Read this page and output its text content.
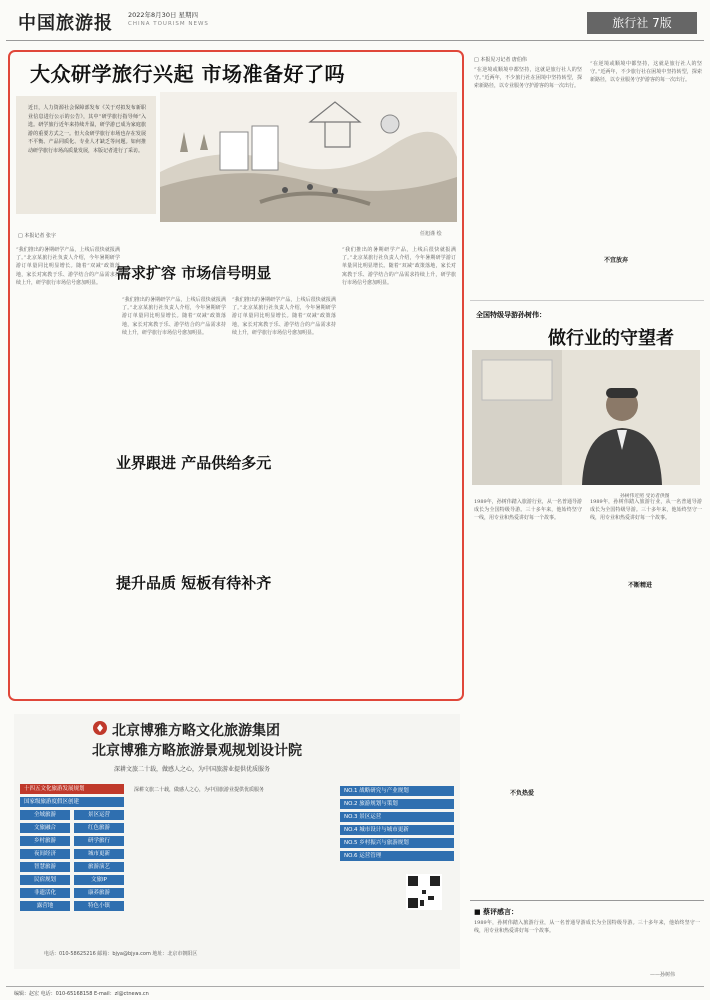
中国旅游报 2022年8月30日 星期四
CHINA TOURISM NEWS	旅行社 7版
大众研学旅行兴起 市场准备好了吗
近日，人力资源社会保障部发布《关于对拟发布新职业信息进行公示的公告》，其中“研学旅行指导师”入选。研学旅行近年来持续升温，研学游已成为家庭旅游的重要方式之一。但大众研学旅行市场也存在发展不平衡、产品同质化、专业人才缺乏等问题。如何推动研学旅行市场高质量发展，本版记者进行了采访。
□ 本报记者 张宇	任旭谨 绘
“我们推出的暑期研学产品，上线后很快就报满了。”北京某旅行社负责人介绍，今年暑期研学游订单量同比明显增长。随着“双减”政策落地，家长对寓教于乐、游学结合的产品需求持续上升，研学旅行市场信号愈加明显。
“我们推出的暑期研学产品，上线后很快就报满了。”北京某旅行社负责人介绍，今年暑期研学游订单量同比明显增长。随着“双减”政策落地，家长对寓教于乐、游学结合的产品需求持续上升，研学旅行市场信号愈加明显。
“我们推出的暑期研学产品，上线后很快就报满了。”北京某旅行社负责人介绍，今年暑期研学游订单量同比明显增长。随着“双减”政策落地，家长对寓教于乐、游学结合的产品需求持续上升，研学旅行市场信号愈加明显。
“我们推出的暑期研学产品，上线后很快就报满了。”北京某旅行社负责人介绍，今年暑期研学游订单量同比明显增长。随着“双减”政策落地，家长对寓教于乐、游学结合的产品需求持续上升，研学旅行市场信号愈加明显。
需求扩容 市场信号明显
业界跟进 产品供给多元
提升品质 短板有待补齐
□ 本报见习记者 唐伯伟
“在逆境或顺境中都坚持，这就是旅行社人的坚守。”近两年，不少旅行社在困境中坚持转型，探索新路径，以专业服务守护游客的每一次出行。
“在逆境或顺境中都坚持，这就是旅行社人的坚守。”近两年，不少旅行社在困境中坚持转型，探索新路径，以专业服务守护游客的每一次出行。
不宜放弃
全国特级导游孙树伟：
做行业的守望者
孙树伟近照 受访者供图
1989年，孙树伟踏入旅游行业，从一名普通导游成长为全国特级导游。三十多年来，他始终坚守一线，用专业和热爱讲好每一个故事。
1989年，孙树伟踏入旅游行业，从一名普通导游成长为全国特级导游。三十多年来，他始终坚守一线，用专业和热爱讲好每一个故事。
不断精进
不负热爱
■ 蔡评感言：
1989年，孙树伟踏入旅游行业，从一名普通导游成长为全国特级导游。三十多年来，他始终坚守一线，用专业和热爱讲好每一个故事。
——孙树伟
北京博雅方略文化旅游集团
北京博雅方略旅游景观规划设计院
深耕文旅二十载，做感人之心，为中国旅游业提供优质服务
十四五文化旅游发展规划
国家级旅游度假区创建
全域旅游	景区运营
文旅融合	红色旅游
乡村旅游	研学旅行
夜间经济	城市更新
智慧旅游	旅游演艺
民宿规划	文旅IP
非遗活化	康养旅游
露营地	特色小镇
深耕文旅二十载，做感人之心，为中国旅游业提供优质服务	NO.1 战略研究与产业规划
NO.2 旅游规划与策划
NO.3 景区运营
NO.4 城市设计与城市更新
NO.5 乡村振兴与旅游规划
NO.6 运营管理
电话：010-58625216 邮箱：bjya@bjya.com 地址：北京市朝阳区
编辑：赵宏 电话：010-65168158 E-mail：zl@ctnews.cn
